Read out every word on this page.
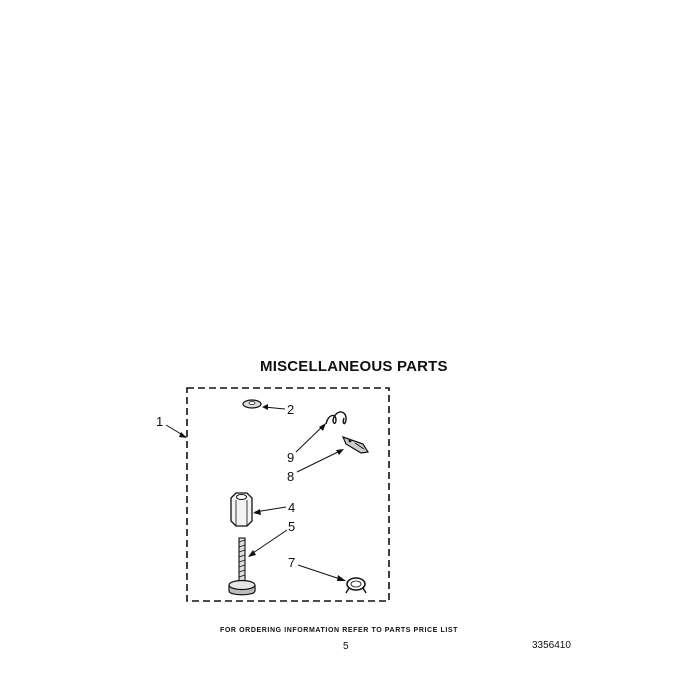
MISCELLANEOUS PARTS
1
2
9
8
4
5
7
FOR ORDERING INFORMATION REFER TO PARTS PRICE LIST
5	3356410
